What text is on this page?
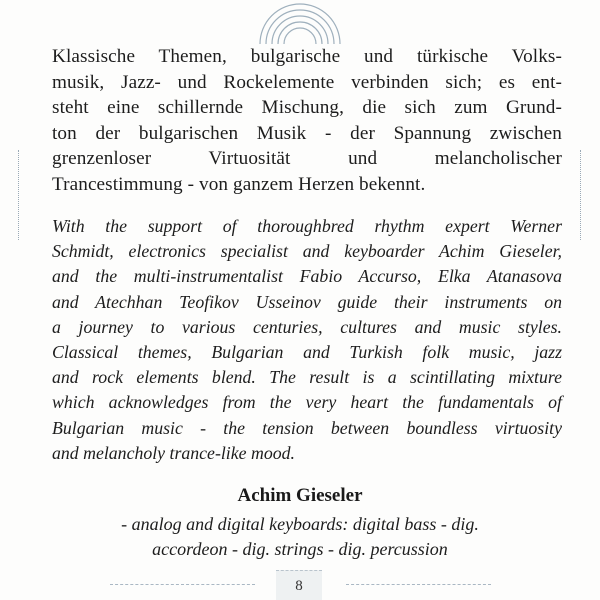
Klassische Themen, bulgarische und türkische Volks-
musik, Jazz- und Rockelemente verbinden sich; es ent-
steht eine schillernde Mischung, die sich zum Grund-
ton der bulgarischen Musik - der Spannung zwischen
grenzenloser Virtuosität und melancholischer
Trancestimmung - von ganzem Herzen bekennt.

With the support of thoroughbred rhythm expert Werner
Schmidt, electronics specialist and keyboarder Achim Gieseler,
and the multi-instrumentalist Fabio Accurso, Elka Atanasova
and Atechhan Teofikov Usseinov guide their instruments on
a journey to various centuries, cultures and music styles.
Classical themes, Bulgarian and Turkish folk music, jazz
and rock elements blend. The result is a scintillating mixture
which acknowledges from the very heart the fundamentals of
Bulgarian music - the tension between boundless virtuosity
and melancholy trance-like mood.

Achim Gieseler

- analog and digital keyboards: digital bass - dig.
accordeon - dig. strings - dig. percussion

8
